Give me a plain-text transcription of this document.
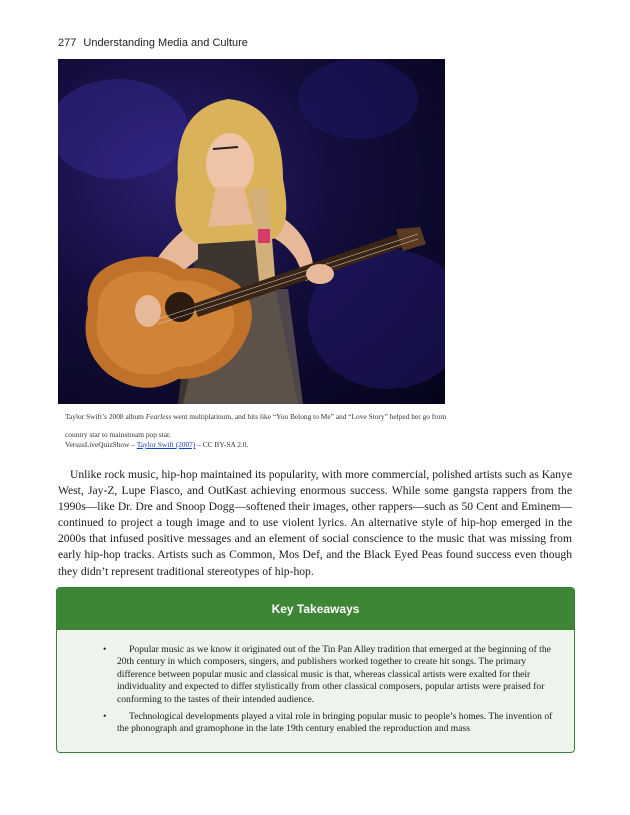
277 Understanding Media and Culture
Taylor Swift’s 2008 album Fearless went multiplatinum, and hits like “You Belong to Me” and “Love Story” helped her go from
country star to mainstream pop star.
VersusLiveQuizShow – Taylor Swift (2007) – CC BY-SA 2.0.

Unlike rock music, hip-hop maintained its popularity, with more commercial, polished artists such as Kanye West, Jay-Z, Lupe Fiasco, and OutKast achieving enormous success. While some gangsta rappers from the 1990s—like Dr. Dre and Snoop Dogg—softened their images, other rappers—such as 50 Cent and Eminem—continued to project a tough image and to use violent lyrics. An alternative style of hip-hop emerged in the 2000s that infused positive messages and an element of social conscience to the music that was missing from early hip-hop tracks. Artists such as Common, Mos Def, and the Black Eyed Peas found success even though they didn’t represent traditional stereotypes of hip-hop.

Key Takeaways
• Popular music as we know it originated out of the Tin Pan Alley tradition that emerged at the beginning of the 20th century in which composers, singers, and publishers worked together to create hit songs. The primary difference between popular music and classical music is that, whereas classical artists were exalted for their individuality and expected to differ stylistically from other classical composers, popular artists were praised for conforming to the tastes of their intended audience.
• Technological developments played a vital role in bringing popular music to people’s homes. The invention of the phonograph and gramophone in the late 19th century enabled the reproduction and mass
